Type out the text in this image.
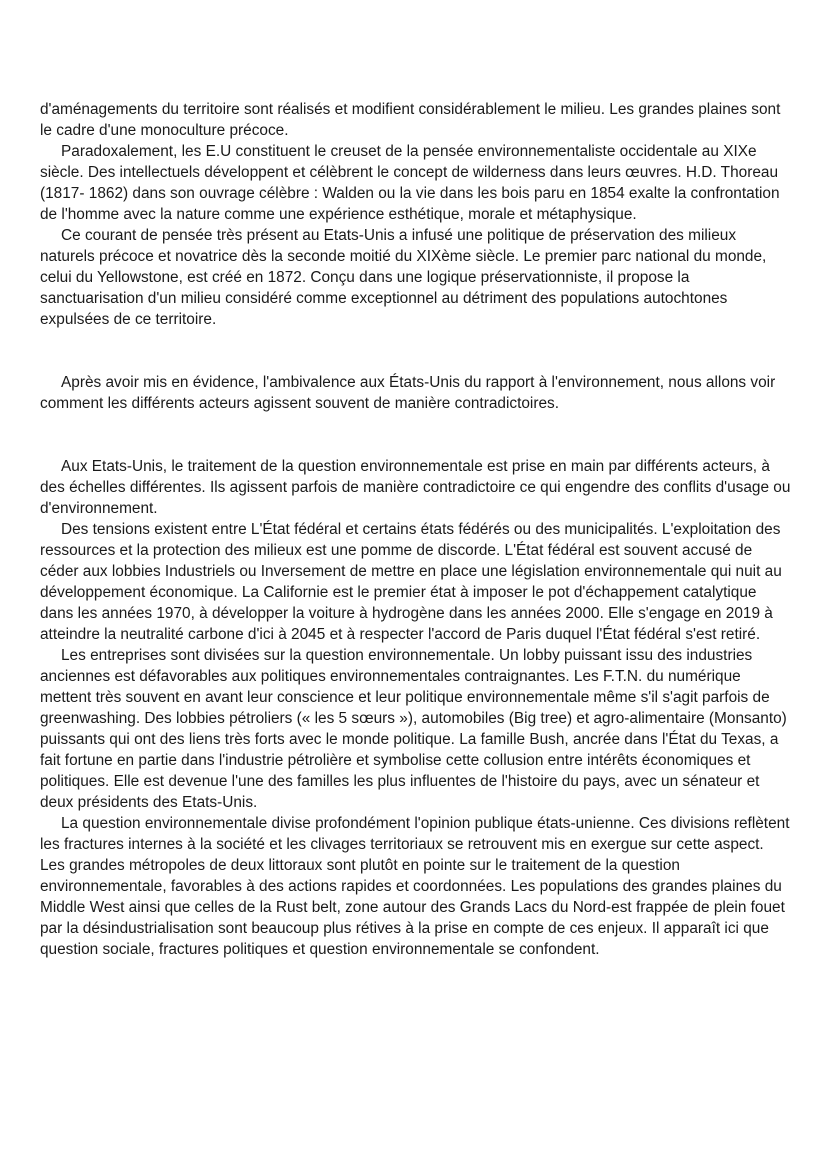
d'aménagements du territoire sont réalisés et modifient considérablement le milieu. Les grandes plaines sont le cadre d'une monoculture précoce.

Paradoxalement, les E.U constituent le creuset de la pensée environnementaliste occidentale au XIXe siècle. Des intellectuels développent et célèbrent le concept de wilderness dans leurs œuvres. H.D. Thoreau (1817- 1862) dans son ouvrage célèbre : Walden ou la vie dans les bois paru en 1854 exalte la confrontation de l'homme avec la nature comme une expérience esthétique, morale et métaphysique.

Ce courant de pensée très présent au Etats-Unis a infusé une politique de préservation des milieux naturels précoce et novatrice dès la seconde moitié du XIXème siècle. Le premier parc national du monde, celui du Yellowstone, est créé en 1872. Conçu dans une logique préservationniste, il propose la sanctuarisation d'un milieu considéré comme exceptionnel au détriment des populations autochtones expulsées de ce territoire.

Après avoir mis en évidence, l'ambivalence aux États-Unis du rapport à l'environnement, nous allons voir comment les différents acteurs agissent souvent de manière contradictoires.

Aux Etats-Unis, le traitement de la question environnementale est prise en main par différents acteurs, à des échelles différentes. Ils agissent parfois de manière contradictoire ce qui engendre des conflits d'usage ou d'environnement.

Des tensions existent entre L'État fédéral et certains états fédérés ou des municipalités. L'exploitation des ressources et la protection des milieux est une pomme de discorde. L'État fédéral est souvent accusé de céder aux lobbies Industriels ou Inversement de mettre en place une législation environnementale qui nuit au développement économique. La Californie est le premier état à imposer le pot d'échappement catalytique dans les années 1970, à développer la voiture à hydrogène dans les années 2000. Elle s'engage en 2019 à atteindre la neutralité carbone d'ici à 2045 et à respecter l'accord de Paris duquel l'État fédéral s'est retiré.

Les entreprises sont divisées sur la question environnementale. Un lobby puissant issu des industries anciennes est défavorables aux politiques environnementales contraignantes. Les F.T.N. du numérique mettent très souvent en avant leur conscience et leur politique environnementale même s'il s'agit parfois de greenwashing. Des lobbies pétroliers (« les 5 sœurs »), automobiles (Big tree) et agro-alimentaire (Monsanto) puissants qui ont des liens très forts avec le monde politique. La famille Bush, ancrée dans l'État du Texas, a fait fortune en partie dans l'industrie pétrolière et symbolise cette collusion entre intérêts économiques et politiques. Elle est devenue l'une des familles les plus influentes de l'histoire du pays, avec un sénateur et deux présidents des Etats-Unis.

La question environnementale divise profondément l'opinion publique états-unienne. Ces divisions reflètent les fractures internes à la société et les clivages territoriaux se retrouvent mis en exergue sur cette aspect. Les grandes métropoles de deux littoraux sont plutôt en pointe sur le traitement de la question environnementale, favorables à des actions rapides et coordonnées. Les populations des grandes plaines du Middle West ainsi que celles de la Rust belt, zone autour des Grands Lacs du Nord-est frappée de plein fouet par la désindustrialisation sont beaucoup plus rétives à la prise en compte de ces enjeux. Il apparaît ici que question sociale, fractures politiques et question environnementale se confondent.
